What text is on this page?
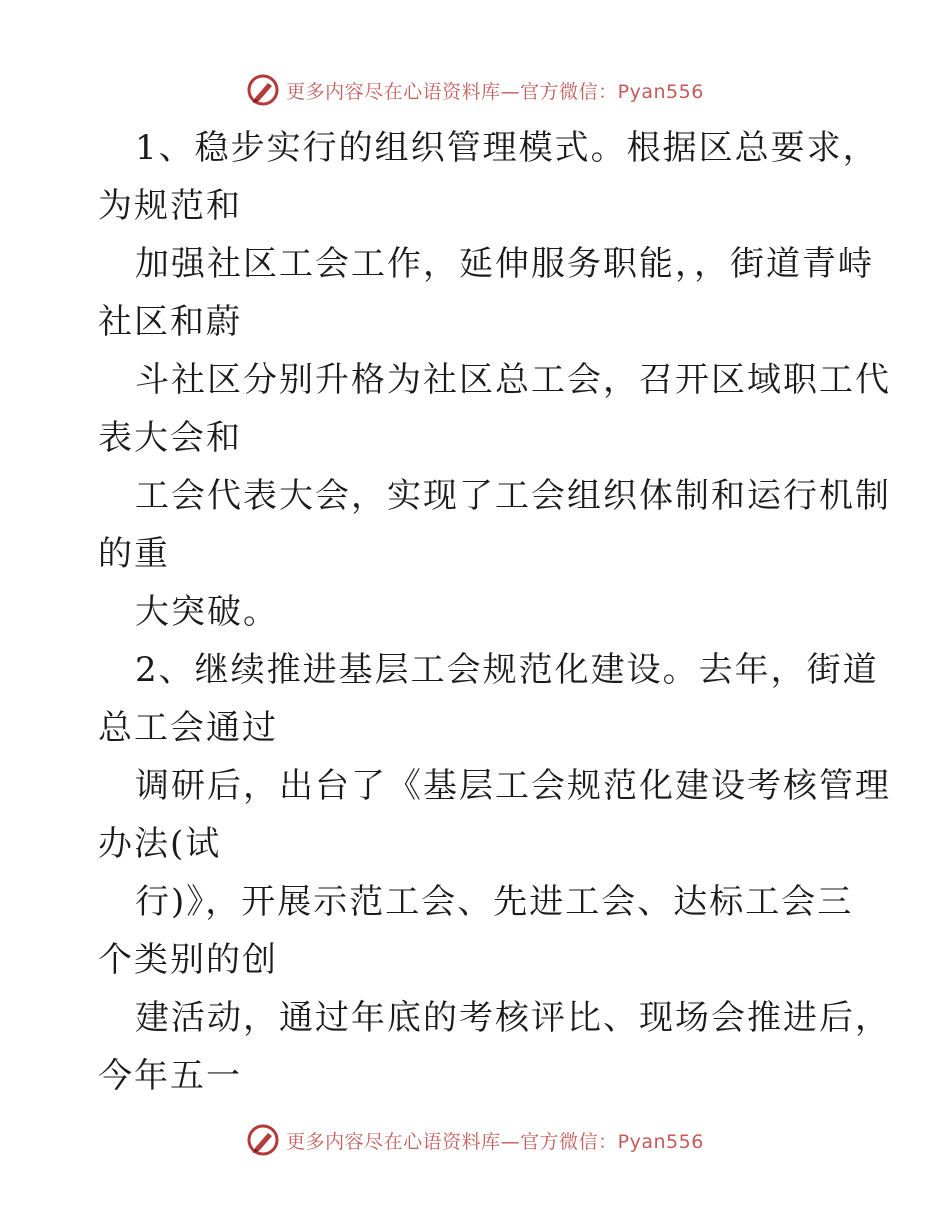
更多内容尽在心语资料库—官方微信：Pyan556
1、稳步实行的组织管理模式。根据区总要求，
为规范和
加强社区工会工作，延伸服务职能，，街道青峙
社区和蔚
斗社区分别升格为社区总工会，召开区域职工代
表大会和
工会代表大会，实现了工会组织体制和运行机制
的重
大突破。
2、继续推进基层工会规范化建设。去年，街道
总工会通过
调研后，出台了《基层工会规范化建设考核管理
办法(试
行)》，开展示范工会、先进工会、达标工会三
个类别的创
建活动，通过年底的考核评比、现场会推进后，
今年五一
更多内容尽在心语资料库—官方微信：Pyan556
